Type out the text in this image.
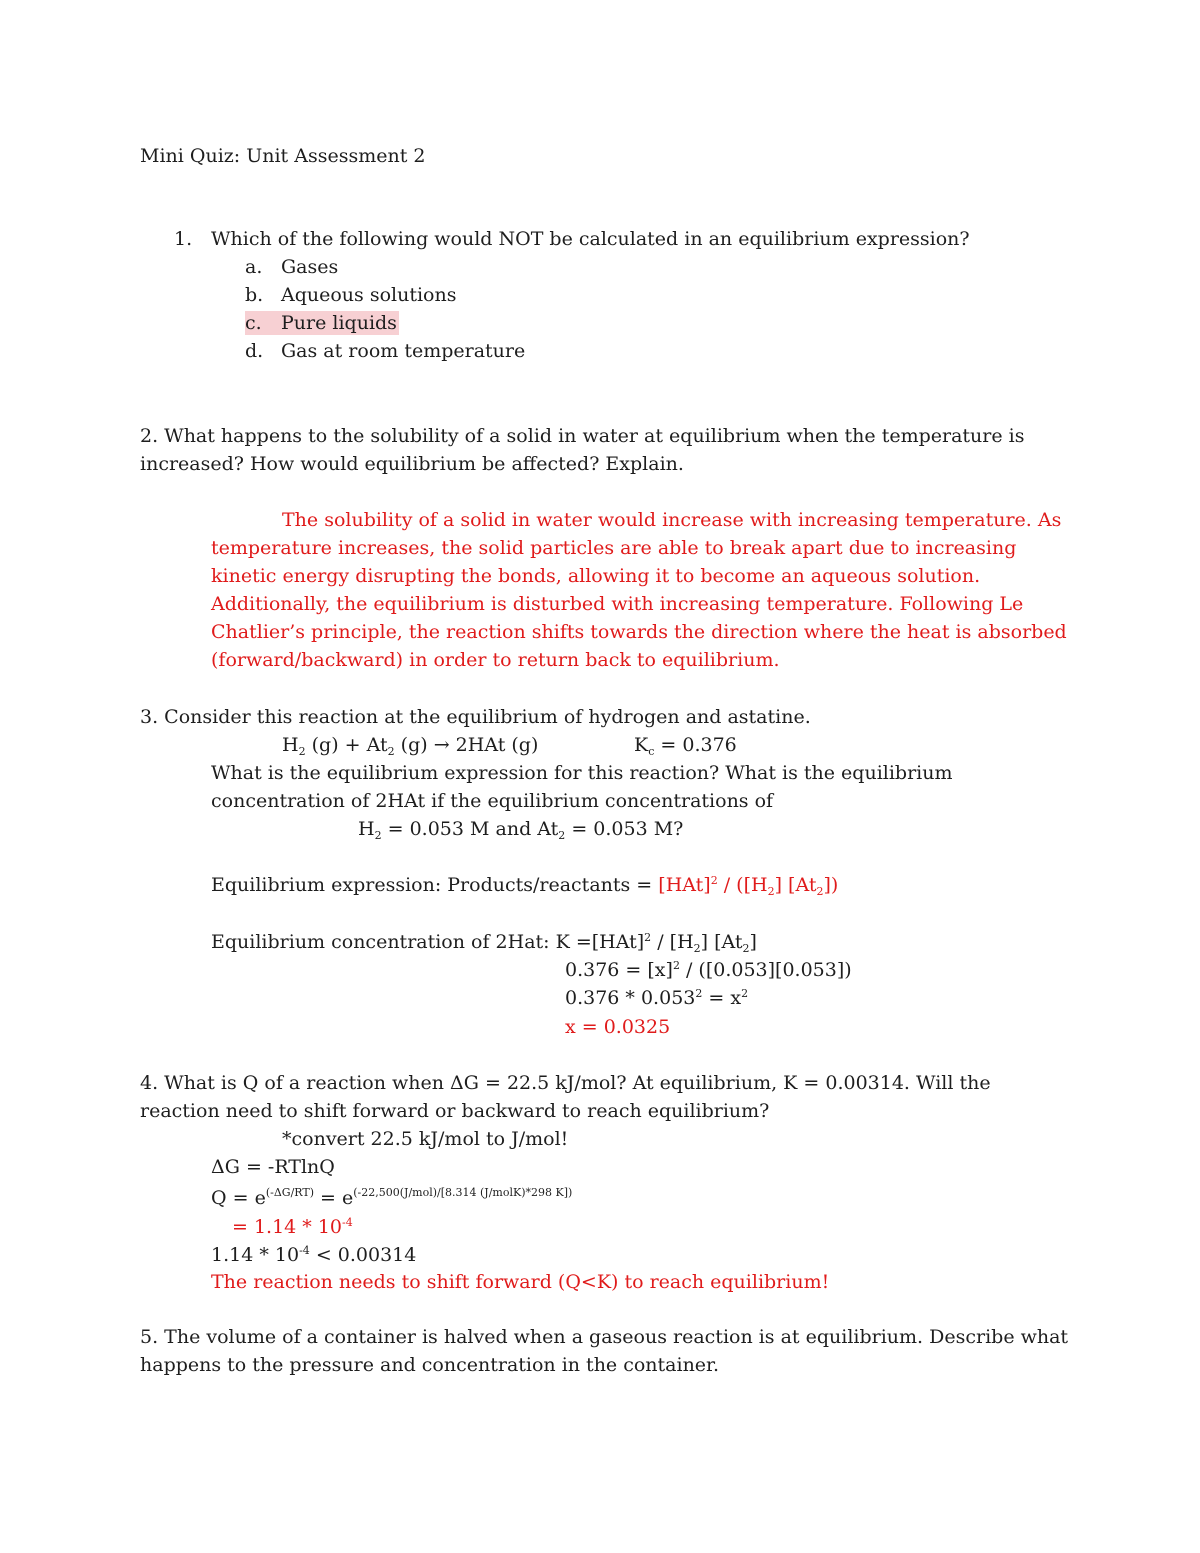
Mini Quiz: Unit Assessment 2
1. Which of the following would NOT be calculated in an equilibrium expression?
a. Gases
b. Aqueous solutions
c. Pure liquids
d. Gas at room temperature
2. What happens to the solubility of a solid in water at equilibrium when the temperature is
increased? How would equilibrium be affected? Explain.
The solubility of a solid in water would increase with increasing temperature. As
temperature increases, the solid particles are able to break apart due to increasing
kinetic energy disrupting the bonds, allowing it to become an aqueous solution.
Additionally, the equilibrium is disturbed with increasing temperature. Following Le
Chatlier’s principle, the reaction shifts towards the direction where the heat is absorbed
(forward/backward) in order to return back to equilibrium.
3. Consider this reaction at the equilibrium of hydrogen and astatine.
$H_2$ $(g) + At_2$ (g) → 2HAt (g)	$K_c = 0.376$
What is the equilibrium expression for this reaction? What is the equilibrium
concentration of 2HAt if the equilibrium concentrations of
$H_2 = 0.053$ M and $At_2 = 0.053$ M?
Equilibrium expression: Products/reactants = $[HAt]^2 / ([H_2]$ $[At_2]$)
Equilibrium concentration of 2Hat: $K =[HAt]^2 / [H_2]$ $[At_2]$
$0.376 = [x]^2 / ([0.053][0.053])$
$0.376 * 0.053^2 = x^2$
x = 0.0325
4. What is Q of a reaction when ΔG = 22.5 kJ/mol? At equilibrium, K = 0.00314. Will the
reaction need to shift forward or backward to reach equilibrium?
*convert 22.5 kJ/mol to J/mol!
ΔG = -RTlnQ
$Q = e^{(-\Delta G/RT)} = e^{(-22,500(J/mol)/[8.314 (J/molK)*298 K])}$
= $1.14 * 10^{-4}$
$1.14 * 10^{-4} < 0.00314$
The reaction needs to shift forward (Q<K) to reach equilibrium!
5. The volume of a container is halved when a gaseous reaction is at equilibrium. Describe what
happens to the pressure and concentration in the container.
